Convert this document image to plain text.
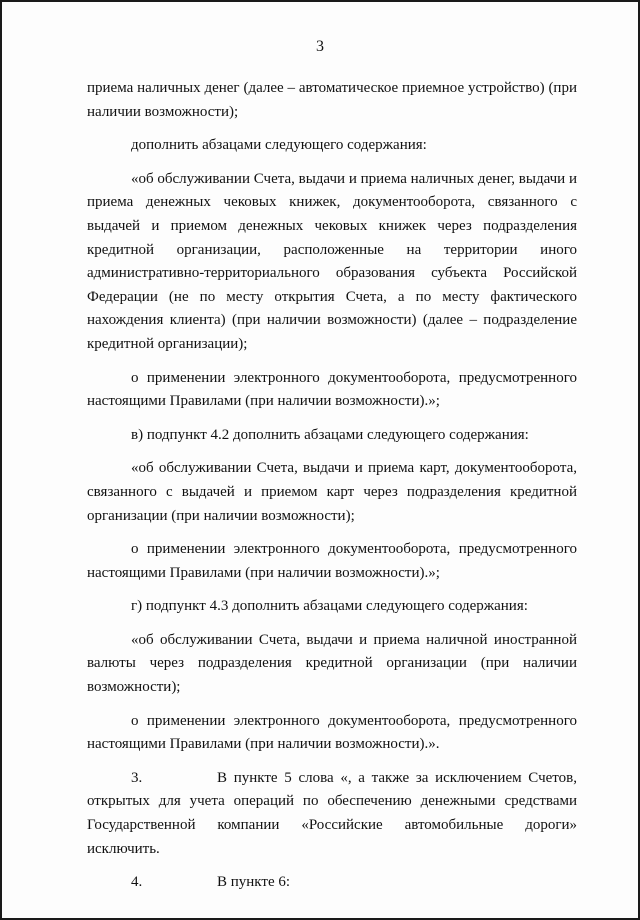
3

приема наличных денег (далее – автоматическое приемное устройство) (при наличии возможности);

дополнить абзацами следующего содержания:

«об обслуживании Счета, выдачи и приема наличных денег, выдачи и приема денежных чековых книжек, документооборота, связанного с выдачей и приемом денежных чековых книжек через подразделения кредитной организации, расположенные на территории иного административно-территориального образования субъекта Российской Федерации (не по месту открытия Счета, а по месту фактического нахождения клиента) (при наличии возможности) (далее – подразделение кредитной организации);

о применении электронного документооборота, предусмотренного настоящими Правилами (при наличии возможности).»;

в) подпункт 4.2 дополнить абзацами следующего содержания:

«об обслуживании Счета, выдачи и приема карт, документооборота, связанного с выдачей и приемом карт через подразделения кредитной организации (при наличии возможности);

о применении электронного документооборота, предусмотренного настоящими Правилами (при наличии возможности).»;

г) подпункт 4.3 дополнить абзацами следующего содержания:

«об обслуживании Счета, выдачи и приема наличной иностранной валюты через подразделения кредитной организации (при наличии возможности);

о применении электронного документооборота, предусмотренного настоящими Правилами (при наличии возможности).».

3.	В пункте 5 слова «, а также за исключением Счетов, открытых для учета операций по обеспечению денежными средствами Государственной компании «Российские автомобильные дороги» исключить.

4.	В пункте 6:
